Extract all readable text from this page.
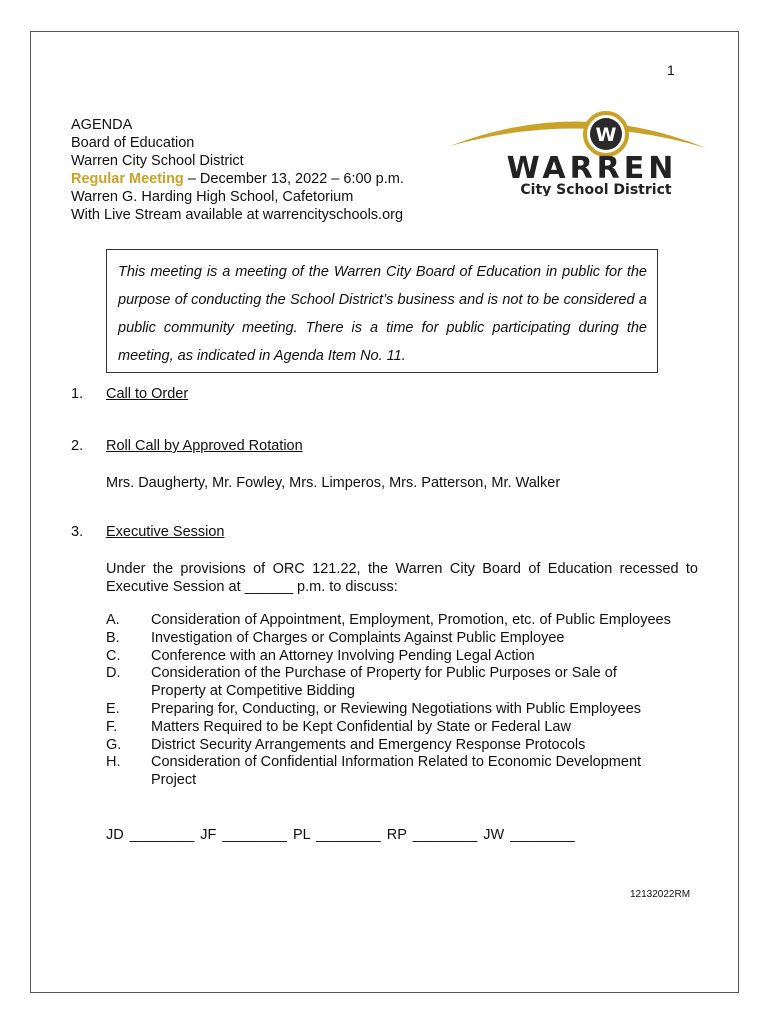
1
AGENDA
Board of Education
Warren City School District
Regular Meeting – December 13, 2022 – 6:00 p.m.
Warren G. Harding High School, Cafetorium
With Live Stream available at warrencityschools.org
W
WARREN
City School District
This meeting is a meeting of the Warren City Board of Education in public for the purpose of conducting the School District’s business and is not to be considered a public community meeting. There is a time for public participating during the meeting, as indicated in Agenda Item No. 11.
1. Call to Order
2. Roll Call by Approved Rotation
Mrs. Daugherty, Mr. Fowley, Mrs. Limperos, Mrs. Patterson, Mr. Walker
3. Executive Session
Under the provisions of ORC 121.22, the Warren City Board of Education recessed to Executive Session at ______ p.m. to discuss:
A.	Consideration of Appointment, Employment, Promotion, etc. of Public Employees
B.	Investigation of Charges or Complaints Against Public Employee
C.	Conference with an Attorney Involving Pending Legal Action
D.	Consideration of the Purchase of Property for Public Purposes or Sale of Property at Competitive Bidding
E.	Preparing for, Conducting, or Reviewing Negotiations with Public Employees
F.	Matters Required to be Kept Confidential by State or Federal Law
G.	District Security Arrangements and Emergency Response Protocols
H.	Consideration of Confidential Information Related to Economic Development Project
JD ________ JF ________ PL ________ RP ________ JW ________
12132022RM
